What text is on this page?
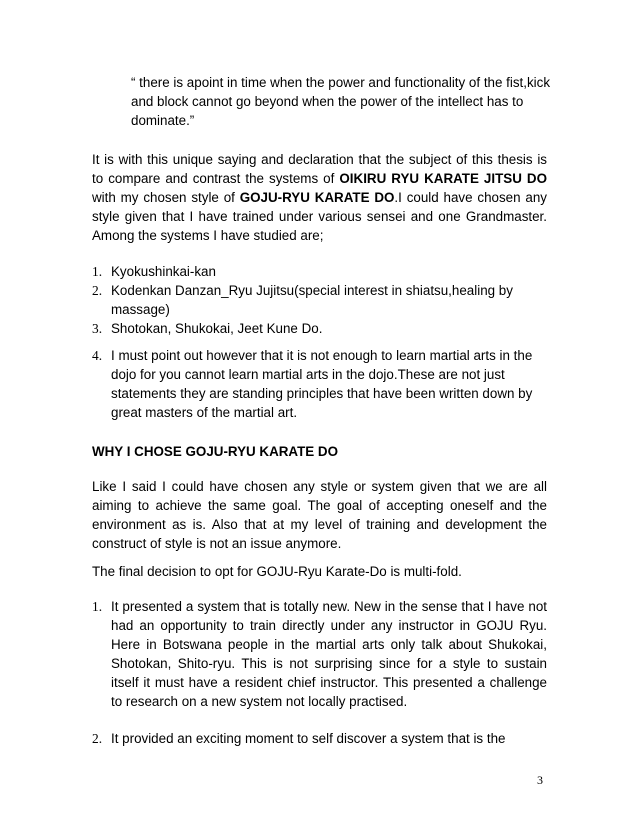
“ there is apoint in time when the power and functionality of the fist,kick and block cannot go beyond when the power of the intellect has to dominate.”
It is with this unique saying and declaration that the subject of this thesis is to compare and contrast the systems of OIKIRU RYU KARATE JITSU DO with my chosen style of GOJU-RYU KARATE DO.I could have chosen any style given that I have trained under various sensei and one Grandmaster. Among the systems I have studied are;
1. Kyokushinkai-kan
2. Kodenkan Danzan_Ryu Jujitsu(special interest in shiatsu,healing by massage)
3. Shotokan, Shukokai, Jeet Kune Do.
4. I must point out however that it is not enough to learn martial arts in the dojo for you cannot learn martial arts in the dojo.These are not just statements they are standing principles that have been written down by great masters of the martial art.
WHY I CHOSE GOJU-RYU KARATE DO
Like I said I could have chosen any style or system given that we are all aiming to achieve the same goal. The goal of accepting oneself and the environment as is. Also that at my level of training and development the construct of style is not an issue anymore.
The final decision to opt for GOJU-Ryu Karate-Do is multi-fold.
1. It presented a system that is totally new. New in the sense that I have not had an opportunity to train directly under any instructor in GOJU Ryu. Here in Botswana people in the martial arts only talk about Shukokai, Shotokan, Shito-ryu. This is not surprising since for a style to sustain itself it must have a resident chief instructor. This presented a challenge to research on a new system not locally practised.
2. It provided an exciting moment to self discover a system that is the
3
